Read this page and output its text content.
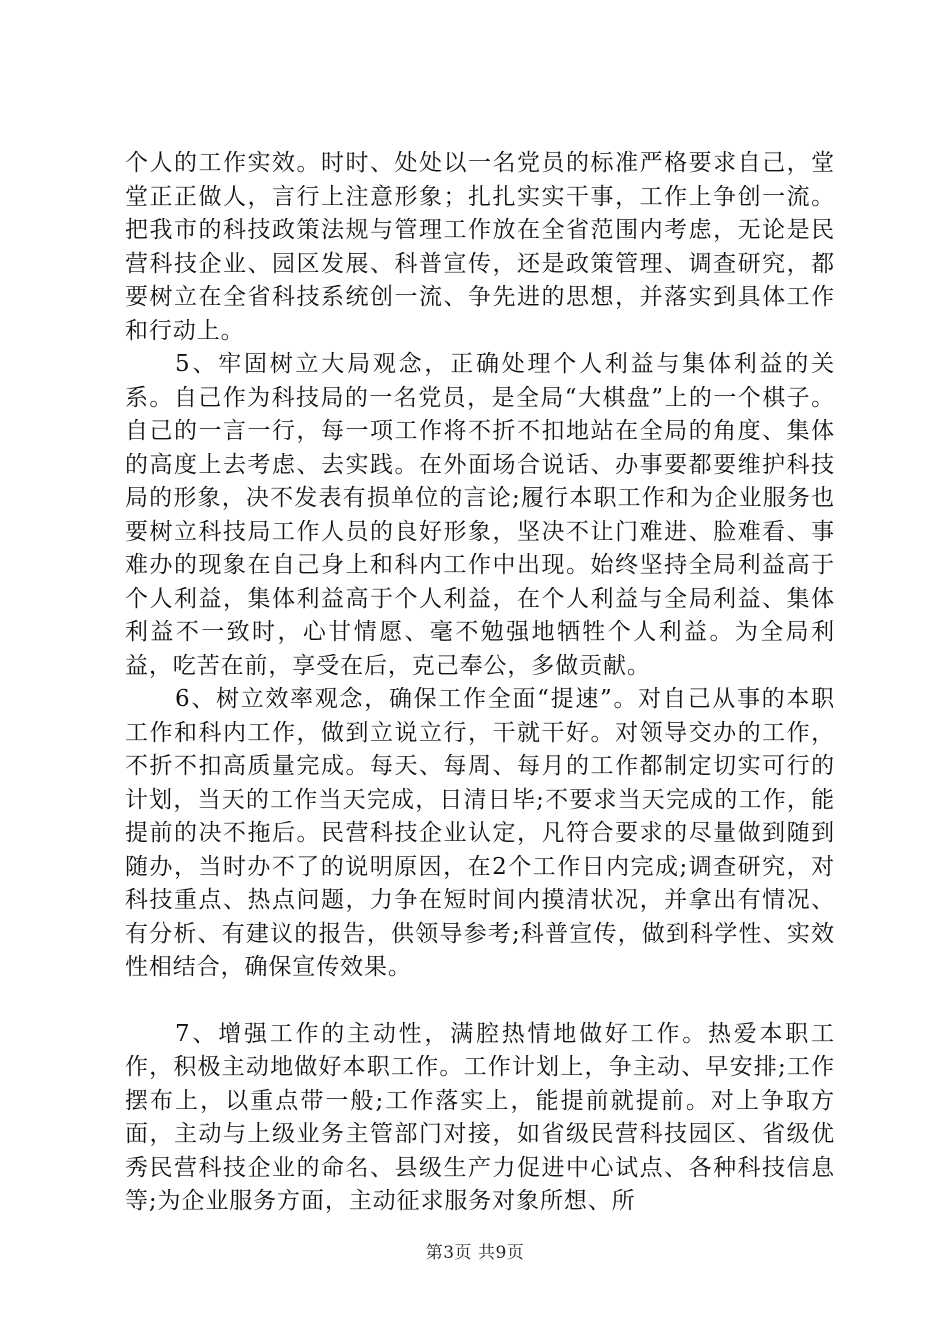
个人的工作实效。时时、处处以一名党员的标准严格要求自己，堂堂正正做人，言行上注意形象；扎扎实实干事，工作上争创一流。把我市的科技政策法规与管理工作放在全省范围内考虑，无论是民营科技企业、园区发展、科普宣传，还是政策管理、调查研究，都要树立在全省科技系统创一流、争先进的思想，并落实到具体工作和行动上。

5、牢固树立大局观念，正确处理个人利益与集体利益的关系。自己作为科技局的一名党员，是全局“大棋盘”上的一个棋子。自己的一言一行，每一项工作将不折不扣地站在全局的角度、集体的高度上去考虑、去实践。在外面场合说话、办事要都要维护科技局的形象，决不发表有损单位的言论;履行本职工作和为企业服务也要树立科技局工作人员的良好形象，坚决不让门难进、脸难看、事难办的现象在自己身上和科内工作中出现。始终坚持全局利益高于个人利益，集体利益高于个人利益，在个人利益与全局利益、集体利益不一致时，心甘情愿、毫不勉强地牺牲个人利益。为全局利益，吃苦在前，享受在后，克己奉公，多做贡献。

6、树立效率观念，确保工作全面“提速”。对自己从事的本职工作和科内工作，做到立说立行，干就干好。对领导交办的工作，不折不扣高质量完成。每天、每周、每月的工作都制定切实可行的计划，当天的工作当天完成，日清日毕;不要求当天完成的工作，能提前的决不拖后。民营科技企业认定，凡符合要求的尽量做到随到随办，当时办不了的说明原因，在2个工作日内完成;调查研究，对科技重点、热点问题，力争在短时间内摸清状况，并拿出有情况、有分析、有建议的报告，供领导参考;科普宣传，做到科学性、实效性相结合，确保宣传效果。

7、增强工作的主动性，满腔热情地做好工作。热爱本职工作，积极主动地做好本职工作。工作计划上，争主动、早安排;工作摆布上，以重点带一般;工作落实上，能提前就提前。对上争取方面，主动与上级业务主管部门对接，如省级民营科技园区、省级优秀民营科技企业的命名、县级生产力促进中心试点、各种科技信息等;为企业服务方面，主动征求服务对象所想、所

第3页 共9页
